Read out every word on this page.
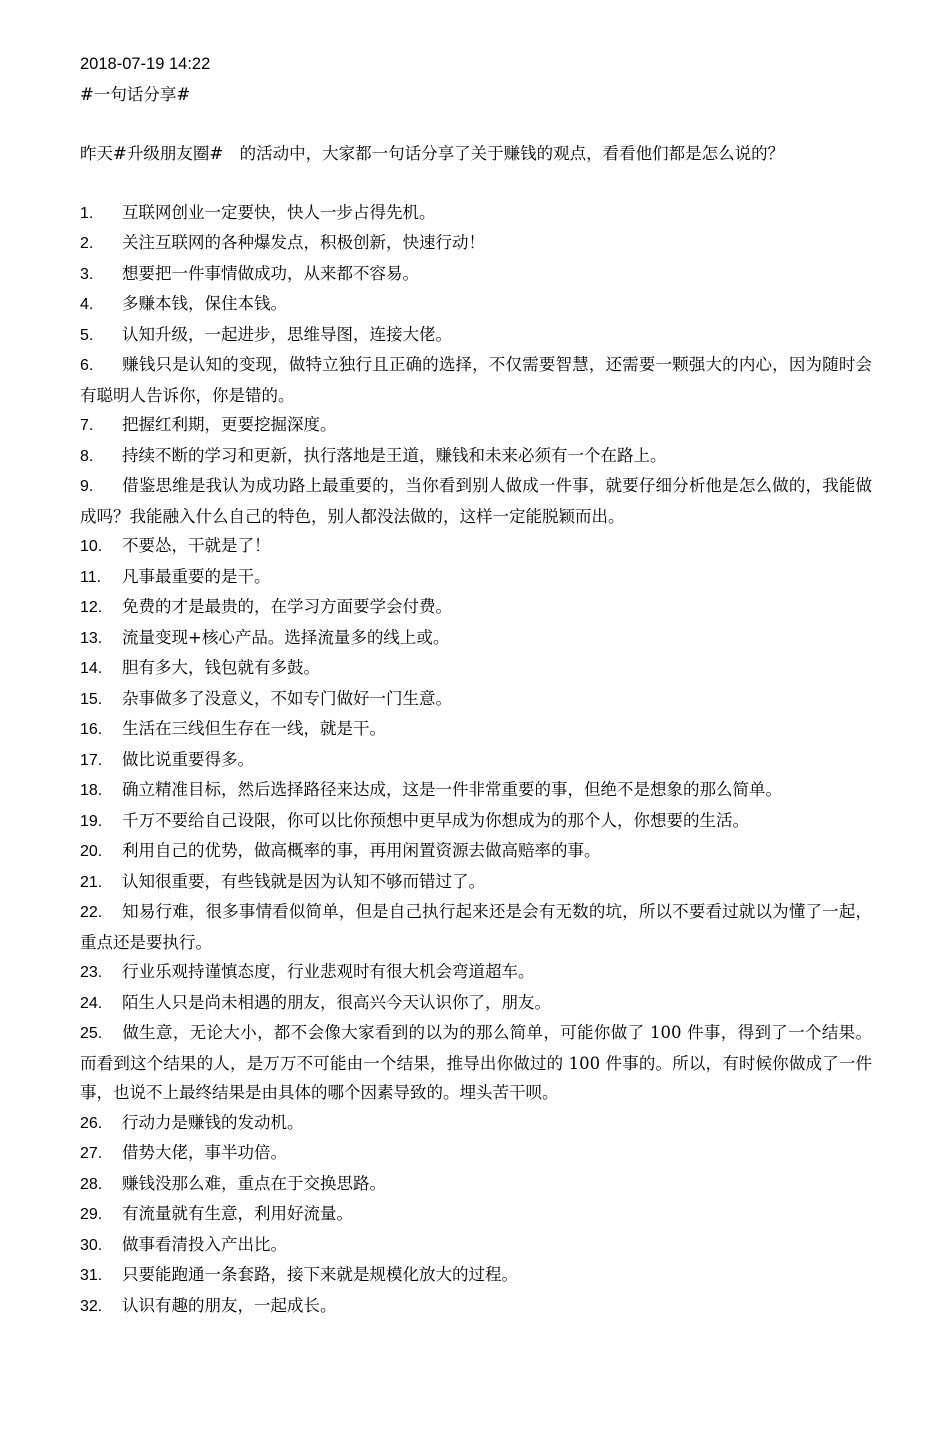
2018-07-19 14:22
#一句话分享#

昨天#升级朋友圈#　的活动中，大家都一句话分享了关于赚钱的观点，看看他们都是怎么说的？

1. 互联网创业一定要快，快人一步占得先机。
2. 关注互联网的各种爆发点，积极创新，快速行动！
3. 想要把一件事情做成功，从来都不容易。
4. 多赚本钱，保住本钱。
5. 认知升级，一起进步，思维导图，连接大佬。
6. 赚钱只是认知的变现，做特立独行且正确的选择，不仅需要智慧，还需要一颗强大的内心，因为随时会有聪明人告诉你，你是错的。
7. 把握红利期，更要挖掘深度。
8. 持续不断的学习和更新，执行落地是王道，赚钱和未来必须有一个在路上。
9. 借鉴思维是我认为成功路上最重要的，当你看到别人做成一件事，就要仔细分析他是怎么做的，我能做成吗？我能融入什么自己的特色，别人都没法做的，这样一定能脱颖而出。
10. 不要怂，干就是了！
11. 凡事最重要的是干。
12. 免费的才是最贵的，在学习方面要学会付费。
13. 流量变现+核心产品。选择流量多的线上或。
14. 胆有多大，钱包就有多鼓。
15. 杂事做多了没意义，不如专门做好一门生意。
16. 生活在三线但生存在一线，就是干。
17. 做比说重要得多。
18. 确立精准目标，然后选择路径来达成，这是一件非常重要的事，但绝不是想象的那么简单。
19. 千万不要给自己设限，你可以比你预想中更早成为你想成为的那个人，你想要的生活。
20. 利用自己的优势，做高概率的事，再用闲置资源去做高赔率的事。
21. 认知很重要，有些钱就是因为认知不够而错过了。
22. 知易行难，很多事情看似简单，但是自己执行起来还是会有无数的坑，所以不要看过就以为懂了一起，重点还是要执行。
23. 行业乐观持谨慎态度，行业悲观时有很大机会弯道超车。
24. 陌生人只是尚未相遇的朋友，很高兴今天认识你了，朋友。
25. 做生意，无论大小，都不会像大家看到的以为的那么简单，可能你做了 100 件事，得到了一个结果。而看到这个结果的人，是万万不可能由一个结果，推导出你做过的 100 件事的。所以，有时候你做成了一件事，也说不上最终结果是由具体的哪个因素导致的。埋头苦干呗。
26. 行动力是赚钱的发动机。
27. 借势大佬，事半功倍。
28. 赚钱没那么难，重点在于交换思路。
29. 有流量就有生意，利用好流量。
30. 做事看清投入产出比。
31. 只要能跑通一条套路，接下来就是规模化放大的过程。
32. 认识有趣的朋友，一起成长。
